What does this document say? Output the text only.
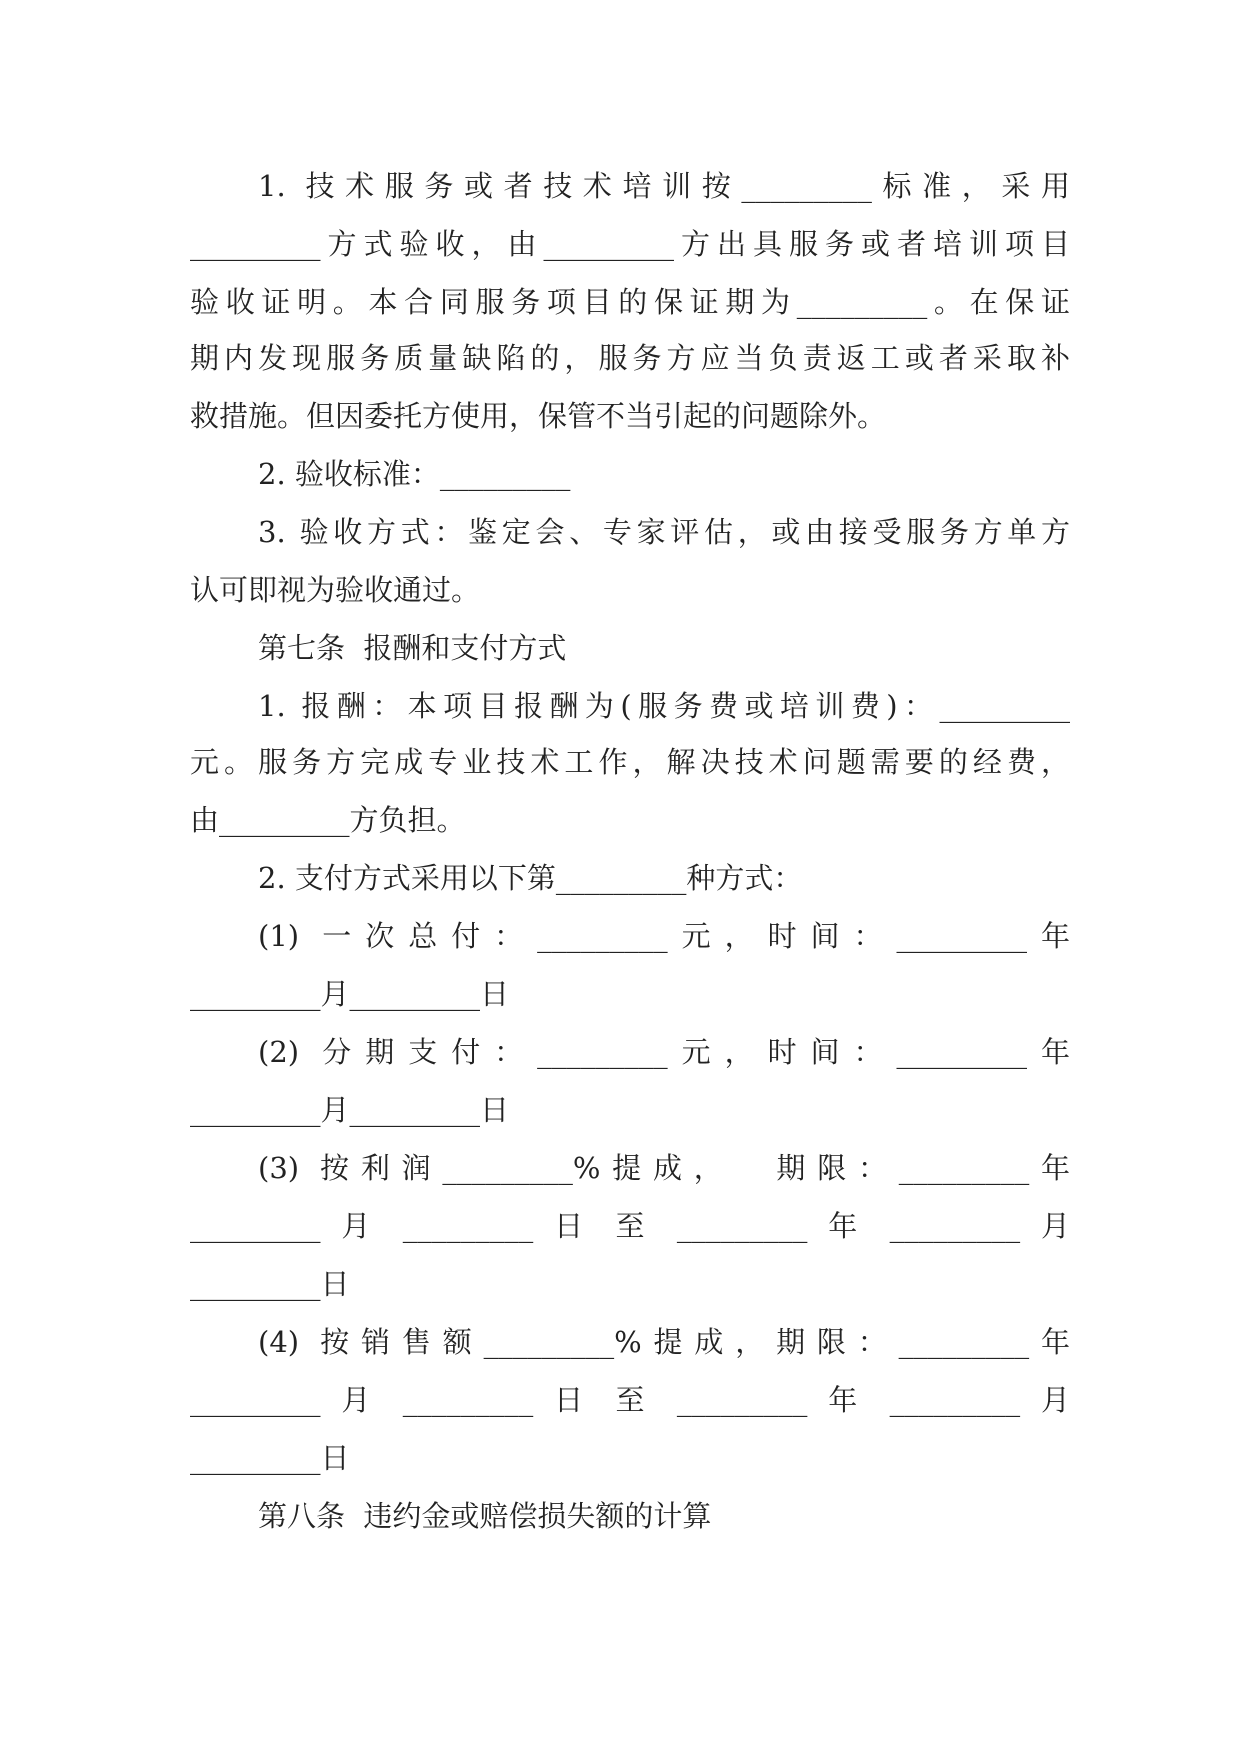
1. 技术服务或者技术培训按_________标准，采用
_________方式验收，由_________方出具服务或者培训项目
验收证明。本合同服务项目的保证期为_________。在保证
期内发现服务质量缺陷的，服务方应当负责返工或者采取补
救措施。但因委托方使用，保管不当引起的问题除外。
2. 验收标准：_________
3. 验收方式：鉴定会、专家评估，或由接受服务方单方
认可即视为验收通过。
第七条  报酬和支付方式
1. 报酬：本项目报酬为(服务费或培训费)：_________
元。服务方完成专业技术工作，解决技术问题需要的经费，
由_________方负担。
2. 支付方式采用以下第_________种方式：
(1) 一次总付：_________元，时间：_________年
_________月_________日
(2) 分期支付：_________元，时间：_________年
_________月_________日
(3) 按利润_________%提成，  期限：_________年
_________ 月 _________ 日 至 _________ 年 _________ 月
_________日
(4) 按销售额_________%提成，期限：_________年
_________ 月 _________ 日 至 _________ 年 _________ 月
_________日
第八条  违约金或赔偿损失额的计算
